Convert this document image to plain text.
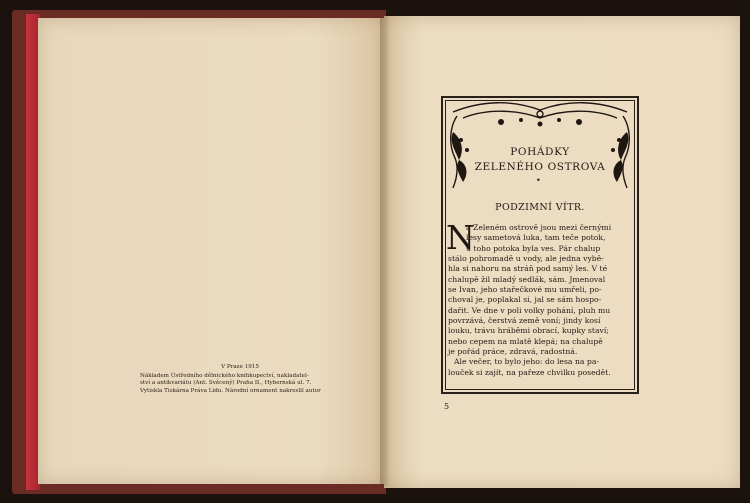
V Praze 1915
Nákladem Ústředního dělnického knihkupectví, nakladatel-
ství a antikvariátu (Ant. Svěcený) Praha II., Hybernská ul. 7.
Vytiskla Tiskárna Práva Lidu. Národní ornament nakreslil autor
POHÁDKY
ZELENÉHO OSTROVA
•
PODZIMNÍ VÍTR.
N
a Zeleném ostrově jsou mezi černými
lesy sametová luka, tam teče potok,
u toho potoka byla ves. Pár chalup
stálo pohromadě u vody, ale jedna vybě-
hla si nahoru na stráň pod samý les. V té
chalupě žil mladý sedlák, sám. Jmenoval
se Ivan, jeho stařečkové mu umřeli, po-
choval je, poplakal si, jal se sám hospo-
dařit. Ve dne v poli volky pohání, pluh mu
povrzává, čerstvá země voní; jindy kosí
louku, trávu hráběmi obrací, kupky staví;
nebo cepem na mlatě klepá; na chalupě
je pořád práce, zdravá, radostná.
Ale večer, to bylo jeho: do lesa na pa-
louček si zajít, na pařeze chvilku posedět.
5
